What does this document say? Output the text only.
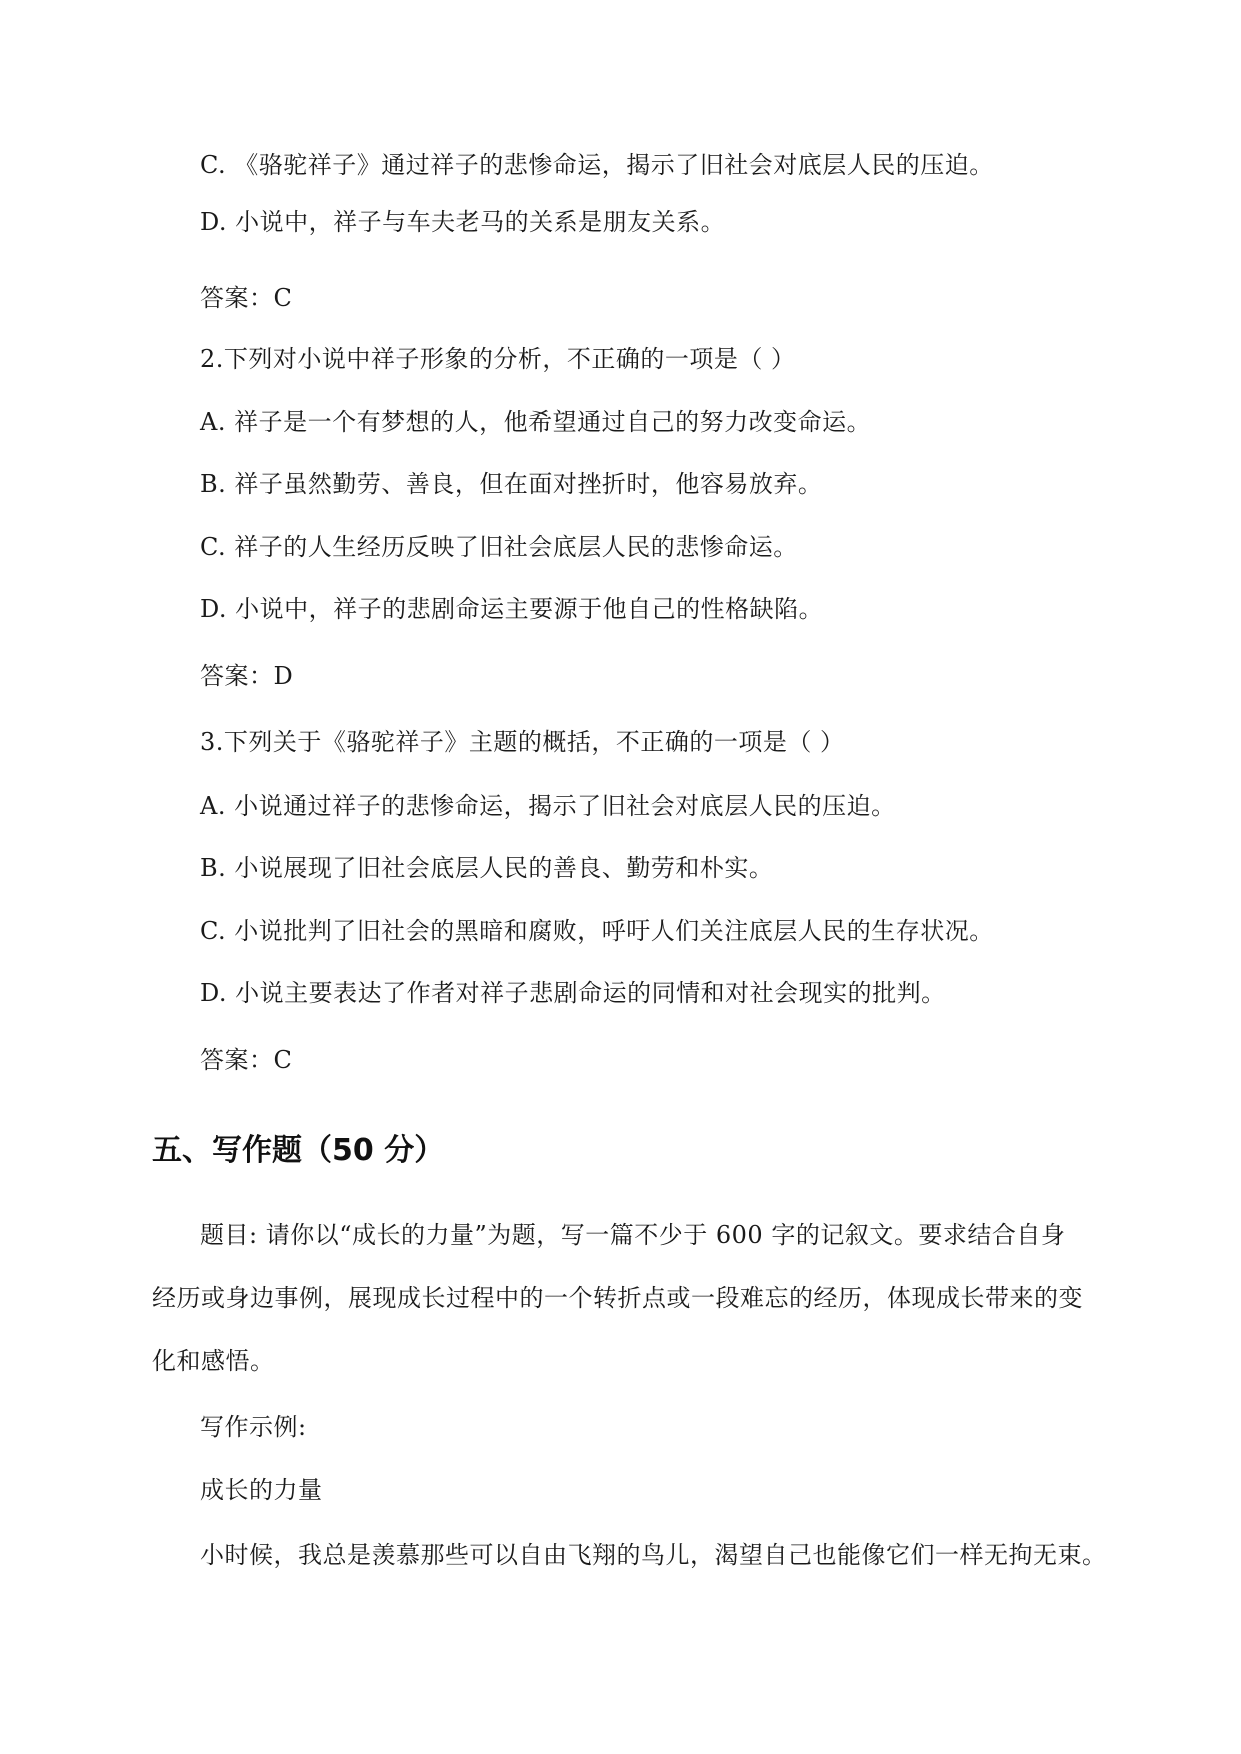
C. 《骆驼祥子》通过祥子的悲惨命运，揭示了旧社会对底层人民的压迫。
D. 小说中，祥子与车夫老马的关系是朋友关系。
答案：C
2.下列对小说中祥子形象的分析，不正确的一项是（ ）
A. 祥子是一个有梦想的人，他希望通过自己的努力改变命运。
B. 祥子虽然勤劳、善良，但在面对挫折时，他容易放弃。
C. 祥子的人生经历反映了旧社会底层人民的悲惨命运。
D. 小说中，祥子的悲剧命运主要源于他自己的性格缺陷。
答案：D
3.下列关于《骆驼祥子》主题的概括，不正确的一项是（ ）
A. 小说通过祥子的悲惨命运，揭示了旧社会对底层人民的压迫。
B. 小说展现了旧社会底层人民的善良、勤劳和朴实。
C. 小说批判了旧社会的黑暗和腐败，呼吁人们关注底层人民的生存状况。
D. 小说主要表达了作者对祥子悲剧命运的同情和对社会现实的批判。
答案：C
五、写作题（50 分）
题目: 请你以“成长的力量”为题，写一篇不少于 600 字的记叙文。要求结合自身
经历或身边事例，展现成长过程中的一个转折点或一段难忘的经历，体现成长带来的变
化和感悟。
写作示例:
成长的力量
小时候，我总是羡慕那些可以自由飞翔的鸟儿，渴望自己也能像它们一样无拘无束。
